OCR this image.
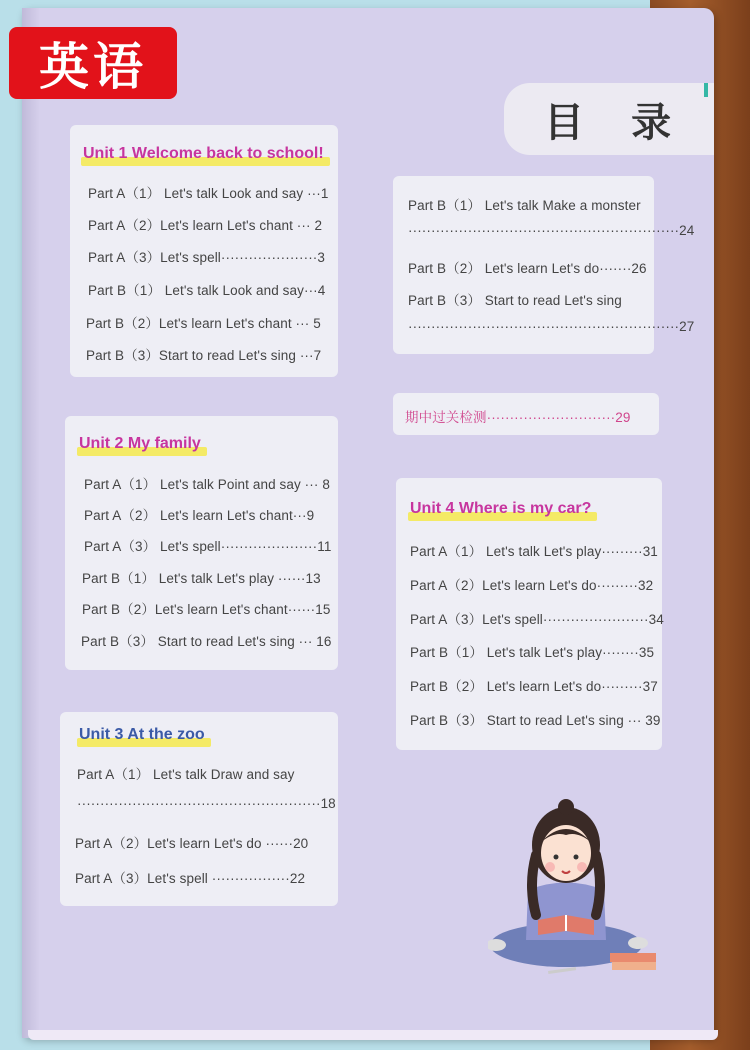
英语
目 录
Unit 1 Welcome back to school!
Part A（1） Let's talk Look and say ···1
Part A（2）Let's learn Let's chant ··· 2
Part A（3）Let's spell·····················3
Part B（1） Let's talk Look and say···4
Part B（2）Let's learn Let's chant ··· 5
Part B（3）Start to read Let's sing ···7
Unit 2 My family
Part A（1） Let's talk Point and say ··· 8
Part A（2） Let's learn Let's chant···9
Part A（3） Let's spell·····················11
Part B（1） Let's talk Let's play ······13
Part B（2）Let's learn Let's chant······15
Part B（3） Start to read Let's sing ··· 16
Unit 3 At the zoo
Part A（1） Let's talk Draw and say
·····················································18
Part A（2）Let's learn Let's do ······20
Part A（3）Let's spell ·················22
Part B（1） Let's talk Make a monster
···························································24
Part B（2） Let's learn Let's do·······26
Part B（3） Start to read Let's sing
···························································27
期中过关检测····························29
Unit 4 Where is my car?
Part A（1） Let's talk Let's play·········31
Part A（2）Let's learn Let's do·········32
Part A（3）Let's spell·······················34
Part B（1） Let's talk Let's play········35
Part B（2） Let's learn Let's do·········37
Part B（3） Start to read Let's sing ··· 39
